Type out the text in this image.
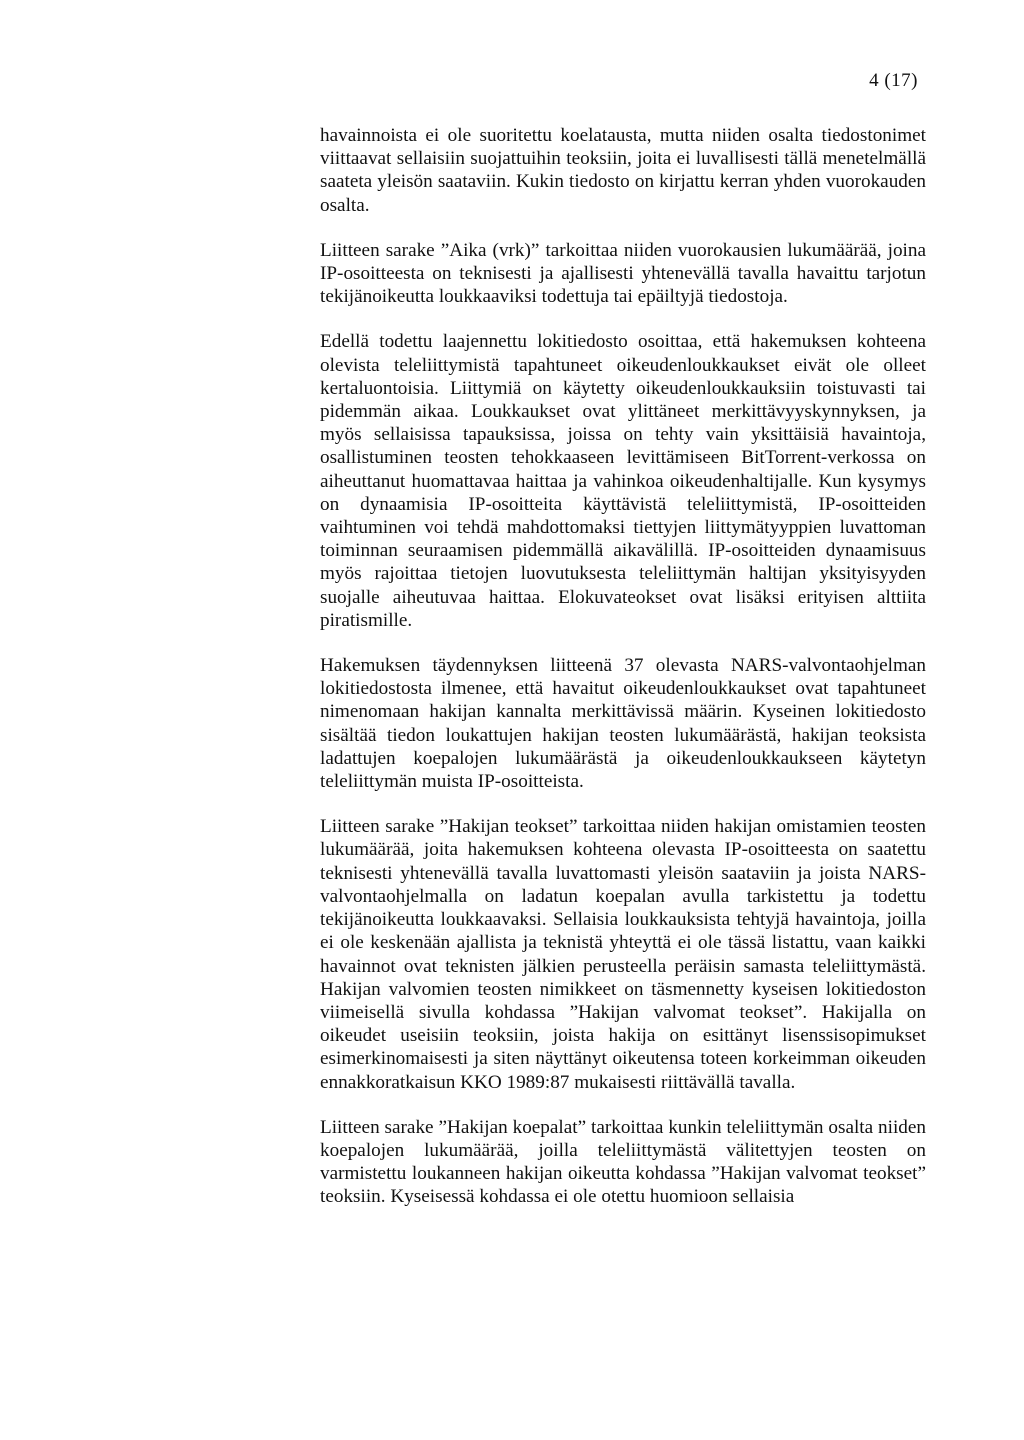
4 (17)

havainnoista ei ole suoritettu koelatausta, mutta niiden osalta tiedostonimet viittaavat sellaisiin suojattuihin teoksiin, joita ei luvallisesti tällä menetelmällä saateta yleisön saataviin. Kukin tiedosto on kirjattu kerran yhden vuorokauden osalta.

Liitteen sarake ”Aika (vrk)” tarkoittaa niiden vuorokausien lukumäärää, joina IP-osoitteesta on teknisesti ja ajallisesti yhtenevällä tavalla havaittu tarjotun tekijänoikeutta loukkaaviksi todettuja tai epäiltyjä tiedostoja.

Edellä todettu laajennettu lokitiedosto osoittaa, että hakemuksen kohteena olevista teleliittymistä tapahtuneet oikeudenloukkaukset eivät ole olleet kertaluontoisia. Liittymiä on käytetty oikeudenloukkauksiin toistuvasti tai pidemmän aikaa. Loukkaukset ovat ylittäneet merkittävyyskynnyksen, ja myös sellaisissa tapauksissa, joissa on tehty vain yksittäisiä havaintoja, osallistuminen teosten tehokkaaseen levittämiseen BitTorrent-verkossa on aiheuttanut huomattavaa haittaa ja vahinkoa oikeudenhaltijalle. Kun kysymys on dynaamisia IP-osoitteita käyttävistä teleliittymistä, IP-osoitteiden vaihtuminen voi tehdä mahdottomaksi tiettyjen liittymätyyppien luvattoman toiminnan seuraamisen pidemmällä aikavälillä. IP-osoitteiden dynaamisuus myös rajoittaa tietojen luovutuksesta teleliittymän haltijan yksityisyyden suojalle aiheutuvaa haittaa. Elokuvateokset ovat lisäksi erityisen alttiita piratismille.

Hakemuksen täydennyksen liitteenä 37 olevasta NARS-valvontaohjelman lokitiedostosta ilmenee, että havaitut oikeudenloukkaukset ovat tapahtuneet nimenomaan hakijan kannalta merkittävissä määrin. Kyseinen lokitiedosto sisältää tiedon loukattujen hakijan teosten lukumäärästä, hakijan teoksista ladattujen koepalojen lukumäärästä ja oikeudenloukkaukseen käytetyn teleliittymän muista IP-osoitteista.

Liitteen sarake ”Hakijan teokset” tarkoittaa niiden hakijan omistamien teosten lukumäärää, joita hakemuksen kohteena olevasta IP-osoitteesta on saatettu teknisesti yhtenevällä tavalla luvattomasti yleisön saataviin ja joista NARS-valvontaohjelmalla on ladatun koepalan avulla tarkistettu ja todettu tekijänoikeutta loukkaavaksi. Sellaisia loukkauksista tehtyjä havaintoja, joilla ei ole keskenään ajallista ja teknistä yhteyttä ei ole tässä listattu, vaan kaikki havainnot ovat teknisten jälkien perusteella peräisin samasta teleliittymästä. Hakijan valvomien teosten nimikkeet on täsmennetty kyseisen lokitiedoston viimeisellä sivulla kohdassa ”Hakijan valvomat teokset”. Hakijalla on oikeudet useisiin teoksiin, joista hakija on esittänyt lisenssisopimukset esimerkinomaisesti ja siten näyttänyt oikeutensa toteen korkeimman oikeuden ennakkoratkaisun KKO 1989:87 mukaisesti riittävällä tavalla.

Liitteen sarake ”Hakijan koepalat” tarkoittaa kunkin teleliittymän osalta niiden koepalojen lukumäärää, joilla teleliittymästä välitettyjen teosten on varmistettu loukanneen hakijan oikeutta kohdassa ”Hakijan valvomat teokset” teoksiin. Kyseisessä kohdassa ei ole otettu huomioon sellaisia
